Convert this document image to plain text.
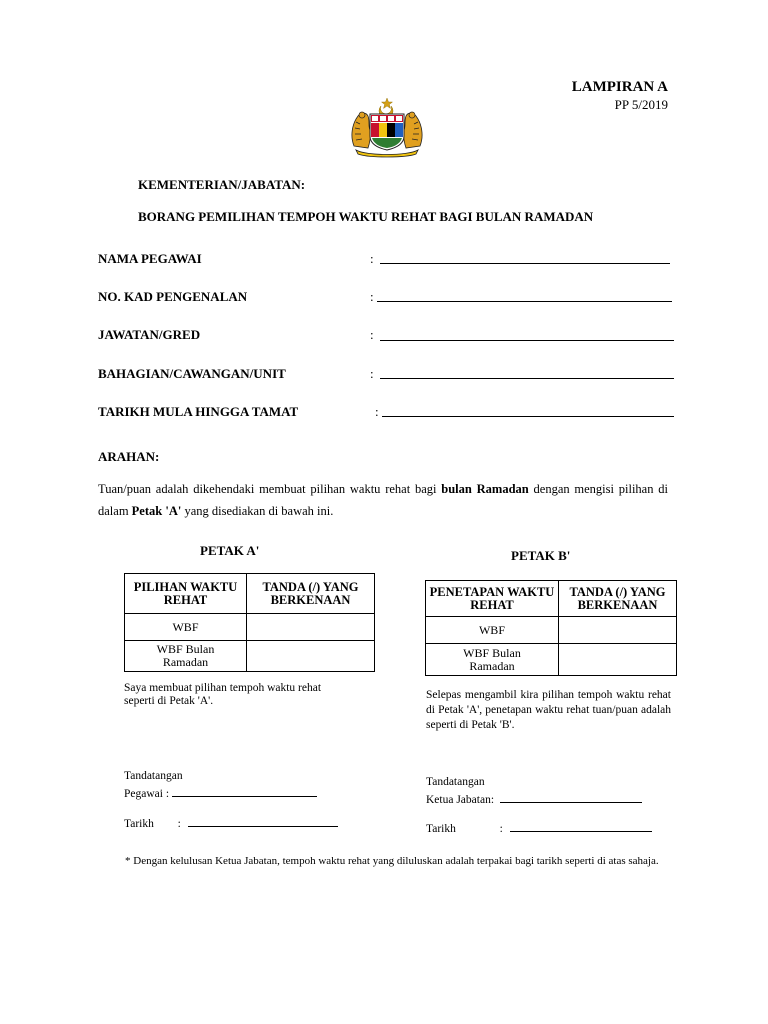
LAMPIRAN A
PP 5/2019
KEMENTERIAN/JABATAN:
BORANG PEMILIHAN TEMPOH WAKTU REHAT BAGI BULAN RAMADAN
NAMA PEGAWAI	:
NO. KAD PENGENALAN	:
JAWATAN/GRED	:
BAHAGIAN/CAWANGAN/UNIT	:
TARIKH MULA HINGGA TAMAT	:
ARAHAN:
Tuan/puan adalah dikehendaki membuat pilihan waktu rehat bagi bulan Ramadan dengan mengisi pilihan di dalam Petak 'A' yang disediakan di bawah ini.
PETAK A'
PILIHAN WAKTU REHAT	TANDA (/) YANG BERKENAAN
WBF	
WBF Bulan Ramadan	
Saya membuat pilihan tempoh waktu rehat seperti di Petak 'A'.
PETAK B'
PENETAPAN WAKTU REHAT	TANDA (/) YANG BERKENAAN
WBF	
WBF Bulan Ramadan	
Selepas mengambil kira pilihan tempoh waktu rehat di Petak 'A', penetapan waktu rehat tuan/puan adalah seperti di Petak 'B'.
Tandatangan
Pegawai :
Tarikh :
Tandatangan
Ketua Jabatan:
Tarikh	:
* Dengan kelulusan Ketua Jabatan, tempoh waktu rehat yang diluluskan adalah terpakai bagi tarikh seperti di atas sahaja.
